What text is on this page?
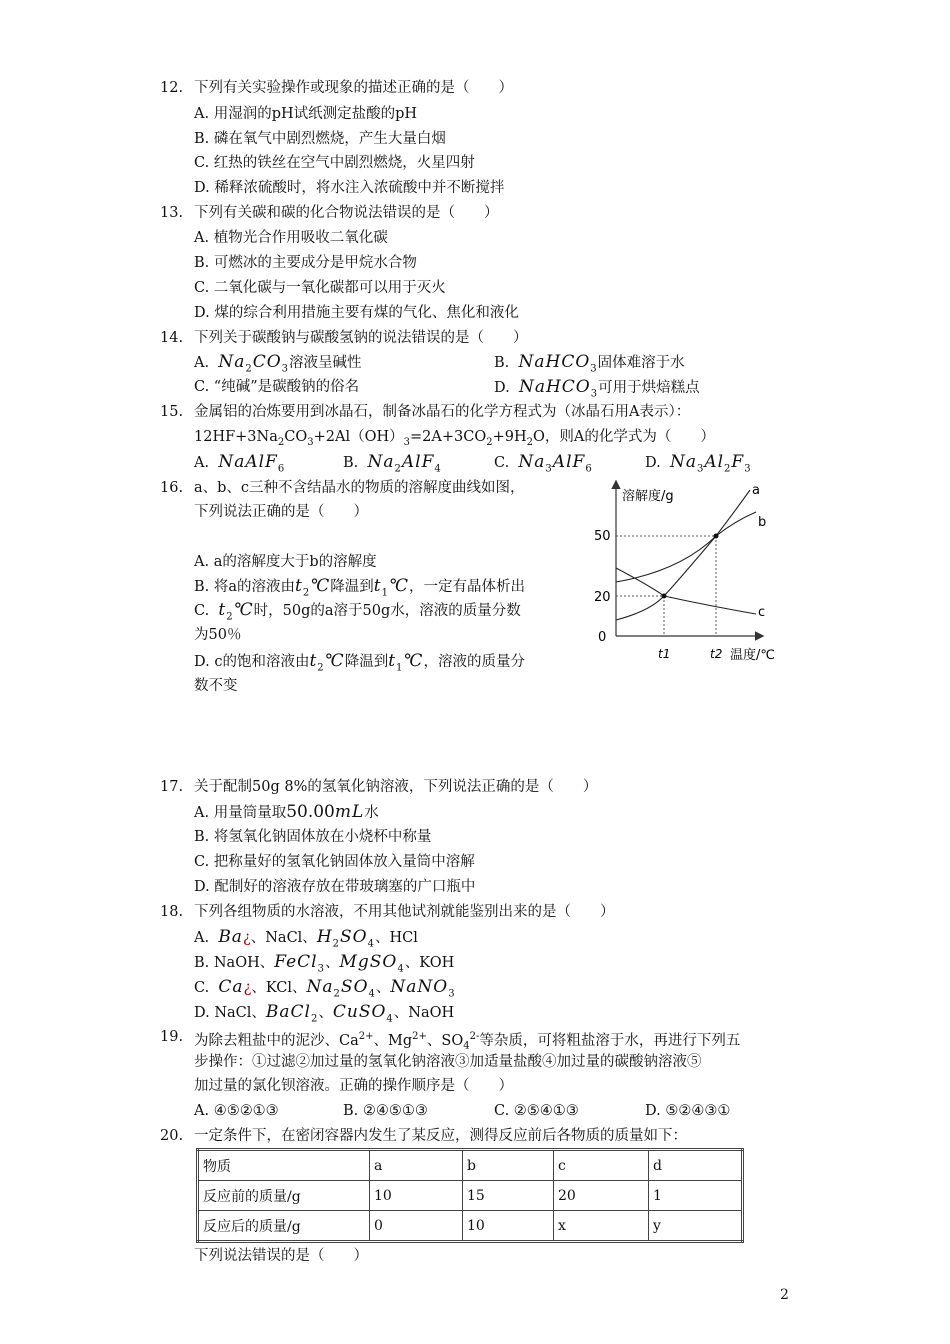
12. 下列有关实验操作或现象的描述正确的是（　　）
A. 用湿润的pH试纸测定盐酸的pH
B. 磷在氧气中剧烈燃烧，产生大量白烟
C. 红热的铁丝在空气中剧烈燃烧，火星四射
D. 稀释浓硫酸时，将水注入浓硫酸中并不断搅拌
13. 下列有关碳和碳的化合物说法错误的是（　　）
A. 植物光合作用吸收二氧化碳
B. 可燃冰的主要成分是甲烷水合物
C. 二氧化碳与一氧化碳都可以用于灭火
D. 煤的综合利用措施主要有煤的气化、焦化和液化
14. 下列关于碳酸钠与碳酸氢钠的说法错误的是（　　）
A. $Na_2CO_3$溶液呈碱性	B. NaHCO$_3$固体难溶于水
C. “纯碱”是碳酸钠的俗名	D. NaHCO$_3$可用于烘焙糕点
15. 金属铝的冶炼要用到冰晶石，制备冰晶石的化学方程式为（冰晶石用A表示）：
$12HF+3Na_2CO_3+2Al(OH)_3=2A+3CO_2+9H_2O$，则A的化学式为（　　）
A. NaAlF$_6$	B. $Na_2AlF_4$	C. $Na_3AlF_6$	D. $Na_3Al_2F_3$
16. a、b、c三种不含结晶水的物质的溶解度曲线如图，
下列说法正确的是（　　）
A. a的溶解度大于b的溶解度
B. 将a的溶液由$t_2℃$降温到$t_1℃$，一定有晶体析出
C. $t_2℃$时，50g的a溶于50g水，溶液的质量分数
为50％
D. c的饱和溶液由$t_2℃$降温到$t_1℃$，溶液的质量分
数不变
溶解度/g
温度/℃
50
20
0
t1	t2
a
b
c
17. 关于配制50g 8%的氢氧化钠溶液，下列说法正确的是（　　）
A. 用量筒量取50.00mL水
B. 将氢氧化钠固体放在小烧杯中称量
C. 把称量好的氢氧化钠固体放入量筒中溶解
D. 配制好的溶液存放在带玻璃塞的广口瓶中
18. 下列各组物质的水溶液，不用其他试剂就能鉴别出来的是（　　）
A. Ba¿、NaCl、$H_2SO_4$、HCl
B. NaOH、FeCl$_3$、MgSO$_4$、KOH
C. Ca¿、KCl、$Na_2SO_4$、NaNO$_3$
D. NaCl、BaCl$_2$、CuSO$_4$、NaOH
19. 为除去粗盐中的泥沙、$Ca^{2+}$、$Mg^{2+}$、$SO_4^{2-}$等杂质，可将粗盐溶于水，再进行下列五
步操作：①过滤②加过量的氢氧化钠溶液③加适量盐酸④加过量的碳酸钠溶液⑤
加过量的氯化钡溶液。正确的操作顺序是（　　）
A. ④⑤②①③	B. ②④⑤①③	C. ②⑤④①③	D. ⑤②④③①
20. 一定条件下，在密闭容器内发生了某反应，测得反应前后各物质的质量如下：
物质	a	b	c	d
反应前的质量/g	10	15	20	1
反应后的质量/g	0	10	x	y
下列说法错误的是（　　）
2
